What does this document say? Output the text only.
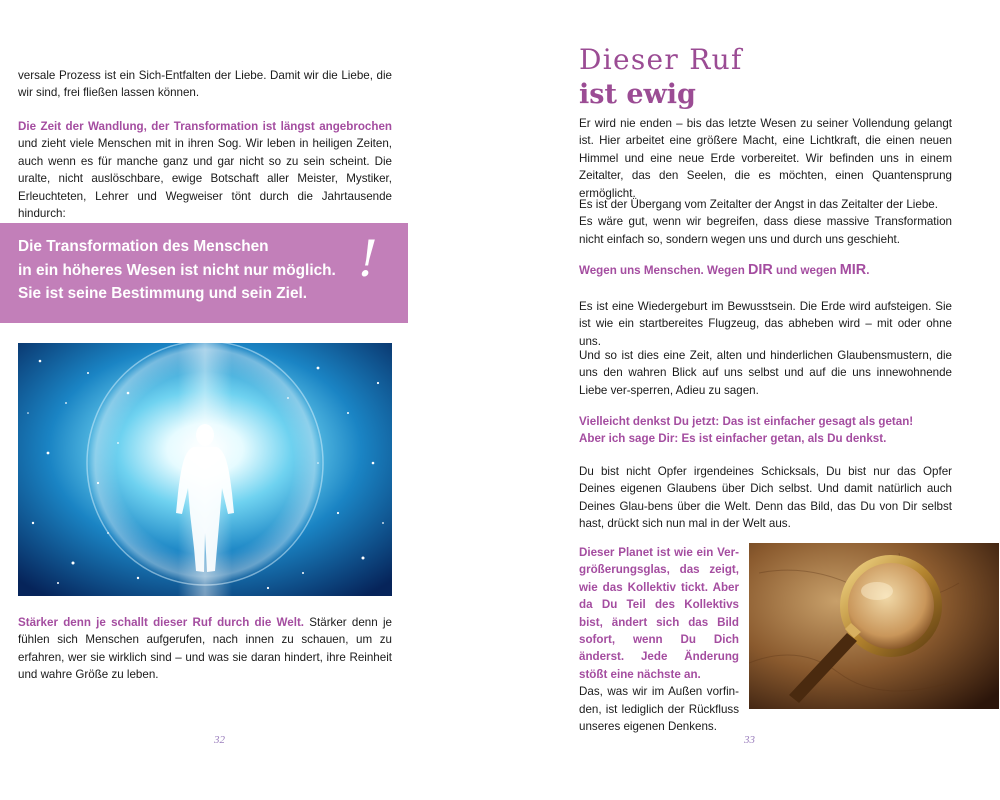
versale Prozess ist ein Sich-Entfalten der Liebe. Damit wir die Liebe, die wir sind, frei fließen lassen können.

Die Zeit der Wandlung, der Transformation ist längst angebrochen und zieht viele Menschen mit in ihren Sog. Wir leben in heiligen Zeiten, auch wenn es für manche ganz und gar nicht so zu sein scheint. Die uralte, nicht auslöschbare, ewige Botschaft aller Meister, Mystiker, Erleuchteten, Lehrer und Wegweiser tönt durch die Jahrtausende hindurch:

Die Transformation des Menschen
in ein höheres Wesen ist nicht nur möglich.
Sie ist seine Bestimmung und sein Ziel.

!

Stärker denn je schallt dieser Ruf durch die Welt. Stärker denn je fühlen sich Menschen aufgerufen, nach innen zu schauen, um zu erfahren, wer sie wirklich sind – und was sie daran hindert, ihre Reinheit und wahre Größe zu leben.

32
Dieser Ruf
ist ewig

Er wird nie enden – bis das letzte Wesen zu seiner Vollendung gelangt ist. Hier arbeitet eine größere Macht, eine Lichtkraft, die einen neuen Himmel und eine neue Erde vorbereitet. Wir befinden uns in einem Zeitalter, das den Seelen, die es möchten, einen Quantensprung ermöglicht.

Es ist der Übergang vom Zeitalter der Angst in das Zeitalter der Liebe.
Es wäre gut, wenn wir begreifen, dass diese massive Transformation nicht einfach so, sondern wegen uns und durch uns geschieht.

Wegen uns Menschen. Wegen DIR und wegen MIR.

Es ist eine Wiedergeburt im Bewusstsein. Die Erde wird aufsteigen. Sie ist wie ein startbereites Flugzeug, das abheben wird – mit oder ohne uns.

Und so ist dies eine Zeit, alten und hinderlichen Glaubensmustern, die uns den wahren Blick auf uns selbst und auf die uns innewohnende Liebe ver-sperren, Adieu zu sagen.

Vielleicht denkst Du jetzt: Das ist einfacher gesagt als getan!
Aber ich sage Dir: Es ist einfacher getan, als Du denkst.

Du bist nicht Opfer irgendeines Schicksals, Du bist nur das Opfer Deines eigenen Glaubens über Dich selbst. Und damit natürlich auch Deines Glau-bens über die Welt. Denn das Bild, das Du von Dir selbst hast, drückt sich nun mal in der Welt aus.

Dieser Planet ist wie ein Ver-größerungsglas, das zeigt, wie das Kollektiv tickt. Aber da Du Teil des Kollektivs bist, ändert sich das Bild sofort, wenn Du Dich änderst. Jede Änderung stößt eine nächste an.
Das, was wir im Außen vorfin-den, ist lediglich der Rückfluss unseres eigenen Denkens.

33
